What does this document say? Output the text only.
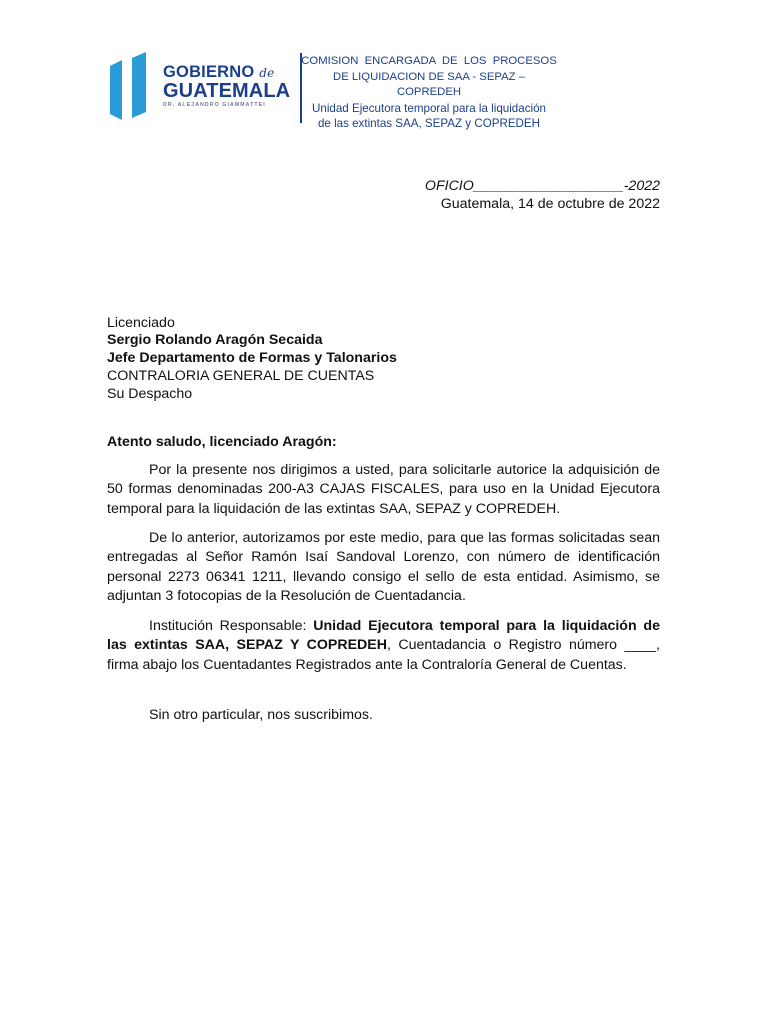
GOBIERNO de
GUATEMALA
DR. ALEJANDRO GIAMMATTEI
COMISION  ENCARGADA  DE  LOS  PROCESOS
DE LIQUIDACION DE SAA - SEPAZ – COPREDEH
Unidad Ejecutora temporal para la liquidación
de las extintas SAA, SEPAZ y COPREDEH
OFICIO___________________-2022
Guatemala, 14 de octubre de 2022
Licenciado
Sergio Rolando Aragón Secaida
Jefe Departamento de Formas y Talonarios
CONTRALORIA GENERAL DE CUENTAS
Su Despacho
Atento saludo, licenciado Aragón:
Por la presente nos dirigimos a usted, para solicitarle autorice la adquisición de 50 formas denominadas 200-A3 CAJAS FISCALES, para uso en la Unidad Ejecutora temporal para la liquidación de las extintas SAA, SEPAZ y COPREDEH.
De lo anterior, autorizamos por este medio, para que las formas solicitadas sean entregadas al Señor Ramón Isaí Sandoval Lorenzo, con número de identificación personal 2273 06341 1211, llevando consigo el sello de esta entidad. Asimismo, se adjuntan 3 fotocopias de la Resolución de Cuentadancia.
Institución Responsable: Unidad Ejecutora temporal para la liquidación de las extintas SAA, SEPAZ Y COPREDEH, Cuentadancia o Registro número ____, firma abajo los Cuentadantes Registrados ante la Contraloría General de Cuentas.
Sin otro particular, nos suscribimos.
